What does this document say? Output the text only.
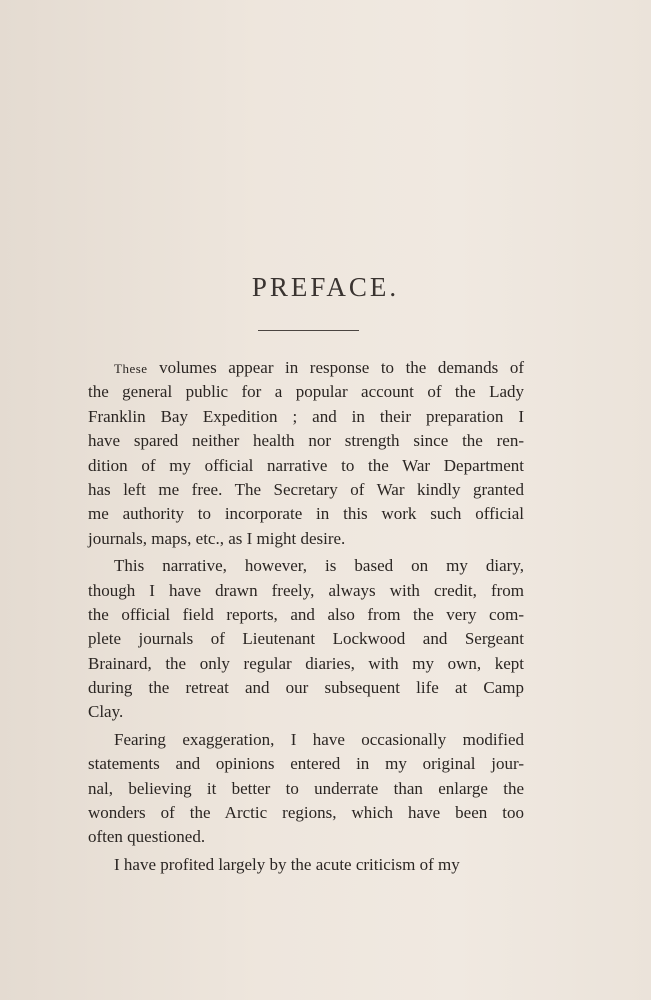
PREFACE.
These volumes appear in response to the demands of
the general public for a popular account of the Lady
Franklin Bay Expedition ; and in their preparation I
have spared neither health nor strength since the ren-
dition of my official narrative to the War Department
has left me free. The Secretary of War kindly granted
me authority to incorporate in this work such official
journals, maps, etc., as I might desire.
This narrative, however, is based on my diary,
though I have drawn freely, always with credit, from
the official field reports, and also from the very com-
plete journals of Lieutenant Lockwood and Sergeant
Brainard, the only regular diaries, with my own, kept
during the retreat and our subsequent life at Camp
Clay.
Fearing exaggeration, I have occasionally modified
statements and opinions entered in my original jour-
nal, believing it better to underrate than enlarge the
wonders of the Arctic regions, which have been too
often questioned.
I have profited largely by the acute criticism of my
